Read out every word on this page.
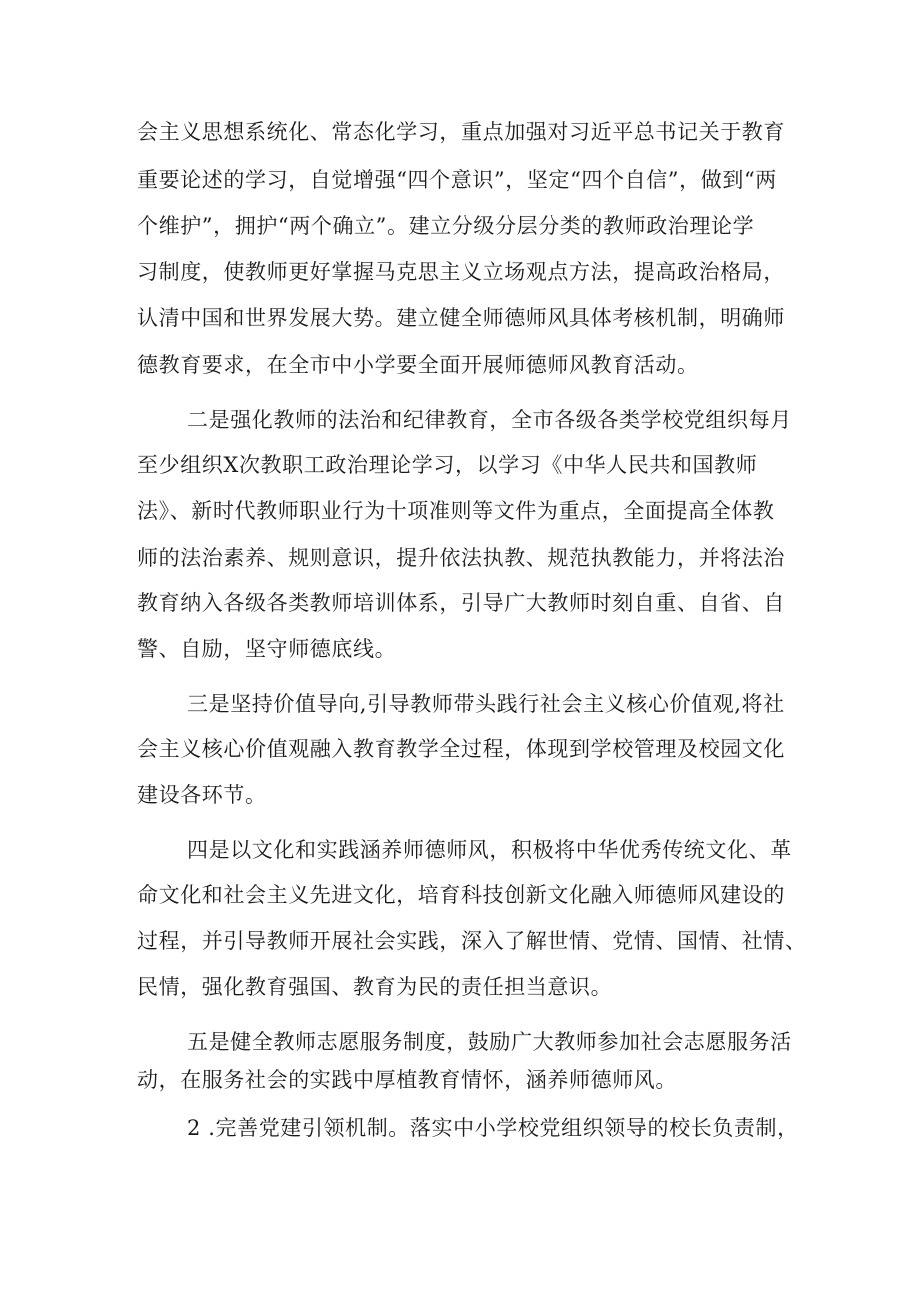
会主义思想系统化、常态化学习，重点加强对习近平总书记关于教育

重要论述的学习，自觉增强“四个意识”，坚定“四个自信”，做到“两

个维护”，拥护“两个确立”。建立分级分层分类的教师政治理论学

习制度，使教师更好掌握马克思主义立场观点方法，提高政治格局，

认清中国和世界发展大势。建立健全师德师风具体考核机制，明确师

德教育要求，在全市中小学要全面开展师德师风教育活动。

二是强化教师的法治和纪律教育，全市各级各类学校党组织每月

至少组织X次教职工政治理论学习，以学习《中华人民共和国教师

法》、新时代教师职业行为十项准则等文件为重点，全面提高全体教

师的法治素养、规则意识，提升依法执教、规范执教能力，并将法治

教育纳入各级各类教师培训体系，引导广大教师时刻自重、自省、自

警、自励，坚守师德底线。

三是坚持价值导向,引导教师带头践行社会主义核心价值观,将社

会主义核心价值观融入教育教学全过程，体现到学校管理及校园文化

建设各环节。

四是以文化和实践涵养师德师风，积极将中华优秀传统文化、革

命文化和社会主义先进文化，培育科技创新文化融入师德师风建设的

过程，并引导教师开展社会实践，深入了解世情、党情、国情、社情、

民情，强化教育强国、教育为民的责任担当意识。

五是健全教师志愿服务制度，鼓励广大教师参加社会志愿服务活

动，在服务社会的实践中厚植教育情怀，涵养师德师风。

2 .完善党建引领机制。落实中小学校党组织领导的校长负责制，
